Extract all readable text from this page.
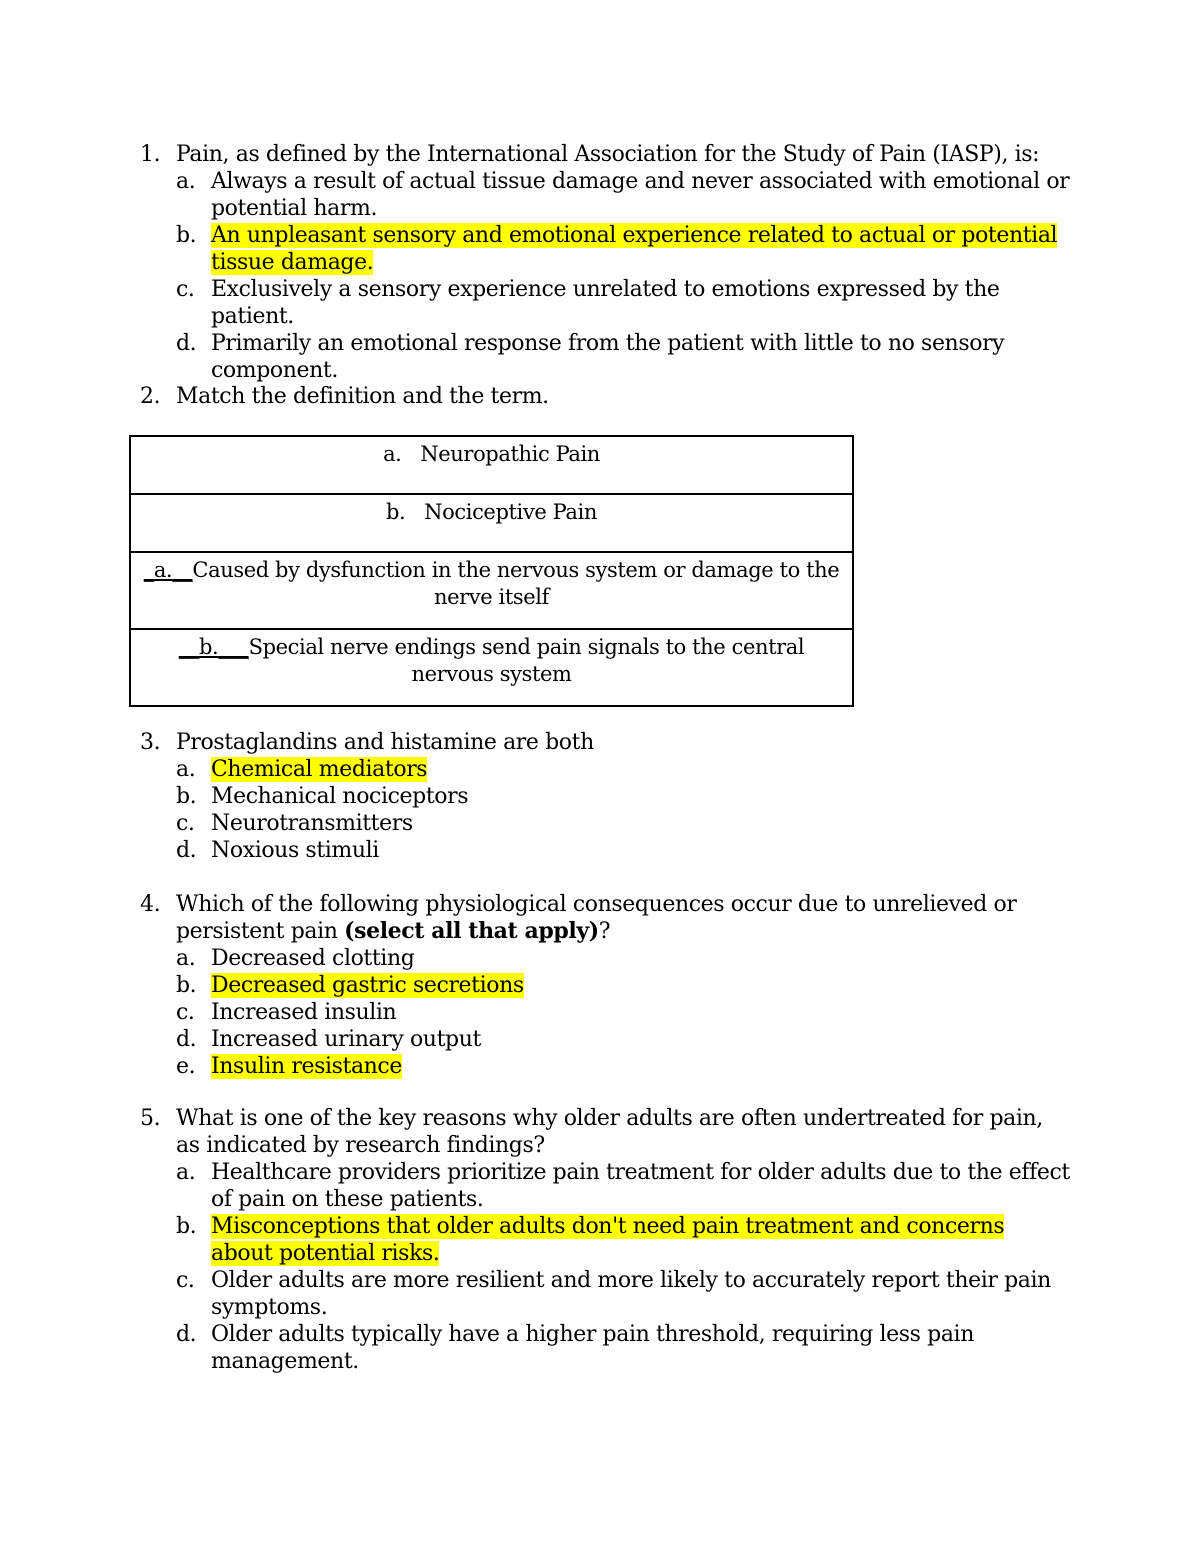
1. Pain, as defined by the International Association for the Study of Pain (IASP), is:
a. Always a result of actual tissue damage and never associated with emotional or potential harm.
b. An unpleasant sensory and emotional experience related to actual or potential tissue damage.
c. Exclusively a sensory experience unrelated to emotions expressed by the patient.
d. Primarily an emotional response from the patient with little to no sensory component.
2. Match the definition and the term.
a. Neuropathic Pain
b. Nociceptive Pain
_a.__Caused by dysfunction in the nervous system or damage to the nerve itself
__b.___Special nerve endings send pain signals to the central nervous system
3. Prostaglandins and histamine are both
a. Chemical mediators
b. Mechanical nociceptors
c. Neurotransmitters
d. Noxious stimuli
4. Which of the following physiological consequences occur due to unrelieved or persistent pain (select all that apply)?
a. Decreased clotting
b. Decreased gastric secretions
c. Increased insulin
d. Increased urinary output
e. Insulin resistance
5. What is one of the key reasons why older adults are often undertreated for pain, as indicated by research findings?
a. Healthcare providers prioritize pain treatment for older adults due to the effect of pain on these patients.
b. Misconceptions that older adults don't need pain treatment and concerns about potential risks.
c. Older adults are more resilient and more likely to accurately report their pain symptoms.
d. Older adults typically have a higher pain threshold, requiring less pain management.
